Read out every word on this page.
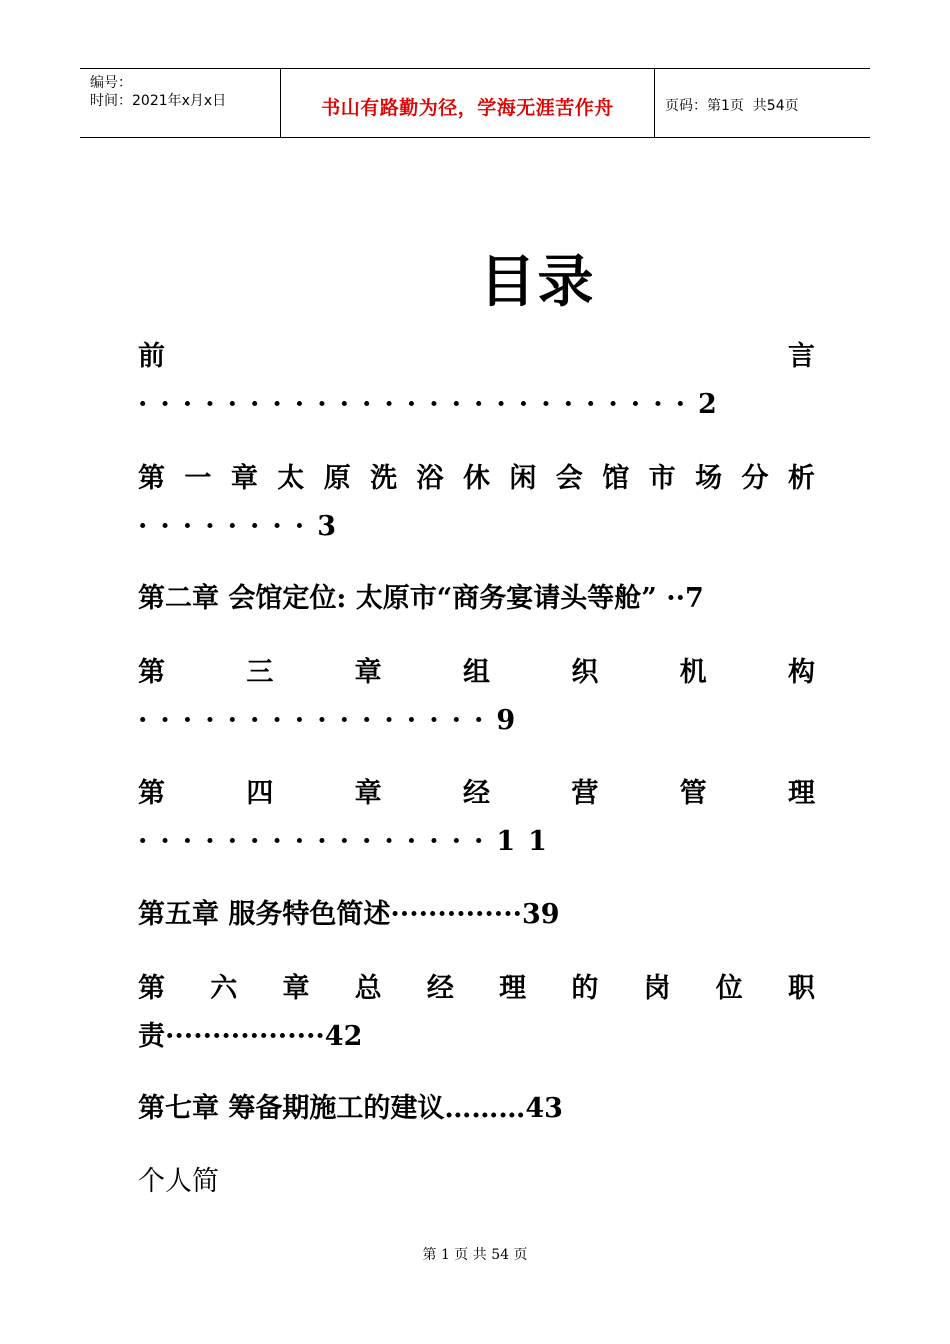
编号：
时间：2021年x月x日	书山有路勤为径，学海无涯苦作舟	页码：第1页  共54页
目录
前	言
·························2
第 一 章 太 原 洗 浴 休 闲 会 馆 市 场 分 析
········3
第二章 会馆定位: 太原市“商务宴请头等舱” ··7
第	三	章	组	织	机	构
················9
第	四	章	经	营	管	理
················11
第五章 服务特色简述··············39
第 六 章 总 经 理 的 岗 位 职
责·················42
第七章 筹备期施工的建议………43
个人简
第 1 页 共 54 页
